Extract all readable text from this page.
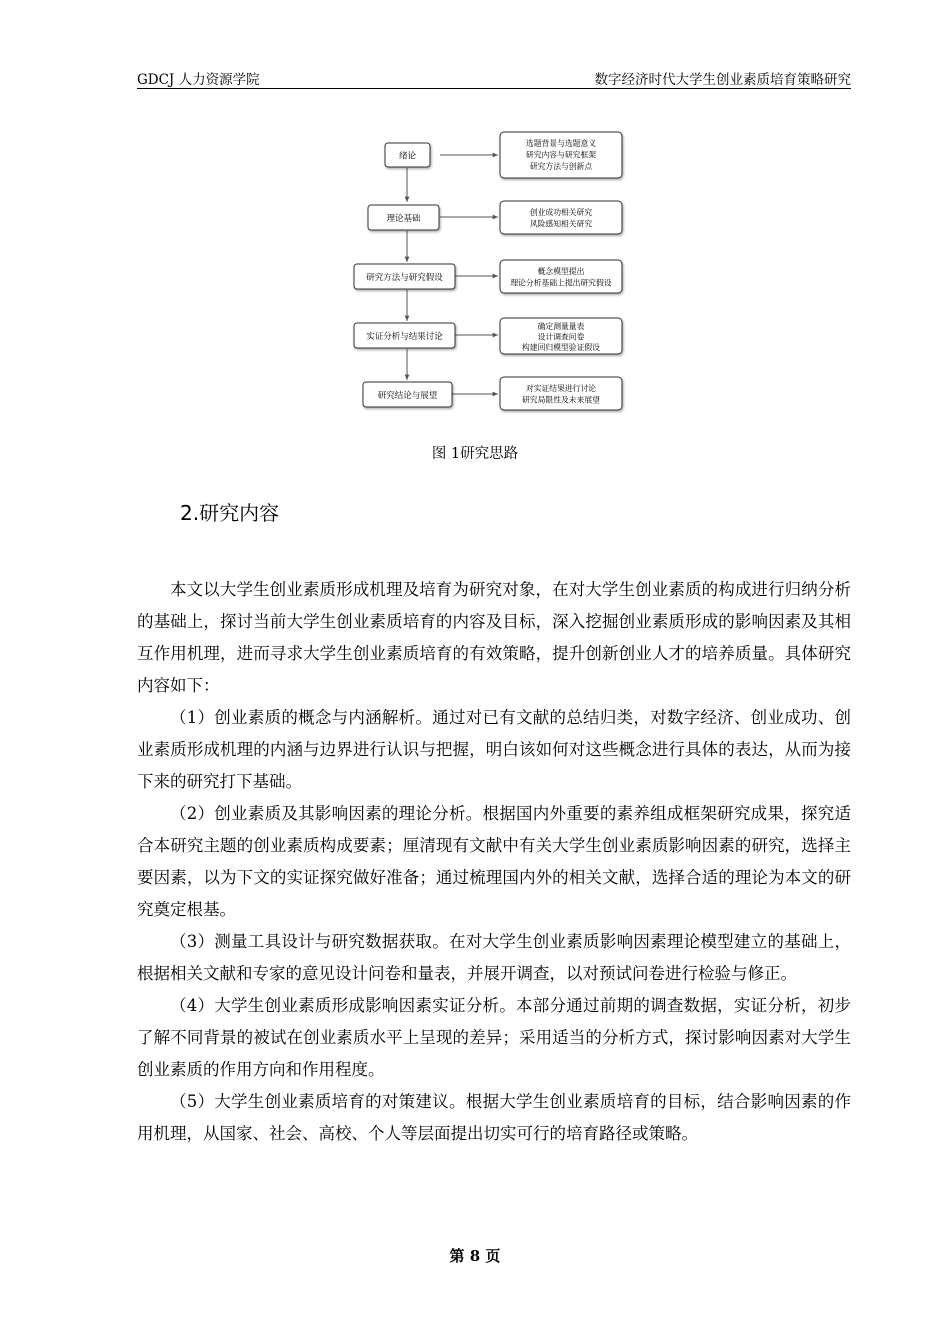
GDCJ 人力资源学院	数字经济时代大学生创业素质培育策略研究
绪论
理论基础
研究方法与研究假设
实证分析与结果讨论
研究结论与展望
选题背景与选题意义
研究内容与研究框架
研究方法与创新点
创业成功相关研究
风险感知相关研究
概念模型提出
理论分析基础上提出研究假设
确定测量量表
设计调查问卷
构建回归模型验证假设
对实证结果进行讨论
研究局限性及未来展望
图 1研究思路
2.研究内容

本文以大学生创业素质形成机理及培育为研究对象，在对大学生创业素质的构成进行归纳分析的基础上，探讨当前大学生创业素质培育的内容及目标，深入挖掘创业素质形成的影响因素及其相互作用机理，进而寻求大学生创业素质培育的有效策略，提升创新创业人才的培养质量。具体研究内容如下：

（1）创业素质的概念与内涵解析。通过对已有文献的总结归类，对数字经济、创业成功、创业素质形成机理的内涵与边界进行认识与把握，明白该如何对这些概念进行具体的表达，从而为接下来的研究打下基础。

（2）创业素质及其影响因素的理论分析。根据国内外重要的素养组成框架研究成果，探究适合本研究主题的创业素质构成要素；厘清现有文献中有关大学生创业素质影响因素的研究，选择主要因素，以为下文的实证探究做好准备；通过梳理国内外的相关文献，选择合适的理论为本文的研究奠定根基。

（3）测量工具设计与研究数据获取。在对大学生创业素质影响因素理论模型建立的基础上，根据相关文献和专家的意见设计问卷和量表，并展开调查，以对预试问卷进行检验与修正。

（4）大学生创业素质形成影响因素实证分析。本部分通过前期的调查数据，实证分析，初步了解不同背景的被试在创业素质水平上呈现的差异；采用适当的分析方式，探讨影响因素对大学生创业素质的作用方向和作用程度。

（5）大学生创业素质培育的对策建议。根据大学生创业素质培育的目标，结合影响因素的作用机理，从国家、社会、高校、个人等层面提出切实可行的培育路径或策略。

第 8 页
